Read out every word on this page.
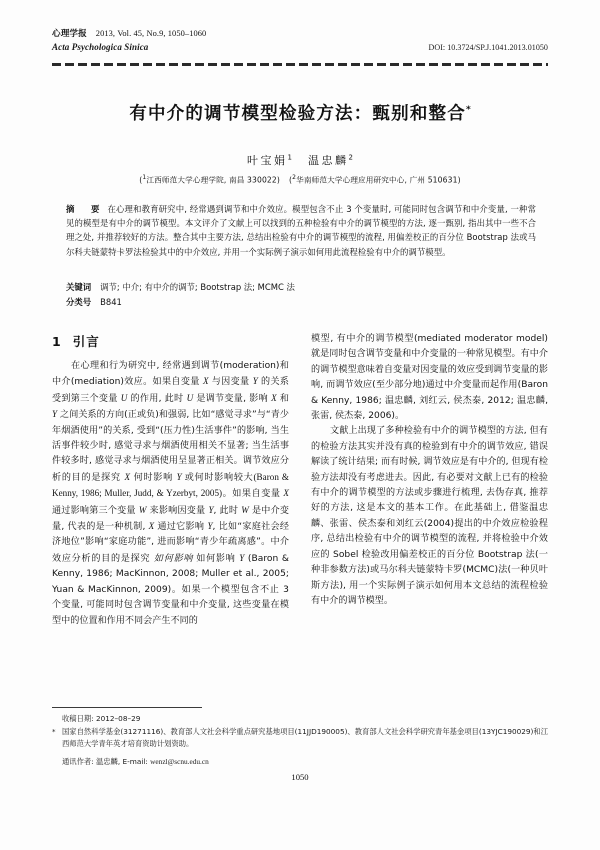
心理学报 2013, Vol. 45, No.9, 1050–1060
Acta Psychologica Sinica	DOI: 10.3724/SP.J.1041.2013.01050
有中介的调节模型检验方法：甄别和整合*
叶宝娟$^1$ 温忠麟$^2$
($^1$江西师范大学心理学院, 南昌 330022) ($^2$华南师范大学心理应用研究中心, 广州 510631)
摘　要 在心理和教育研究中, 经常遇到调节和中介效应。模型包含不止 3 个变量时, 可能同时包含调节和中介变量, 一种常见的模型是有中介的调节模型。本文评介了文献上可以找到的五种检验有中介的调节模型的方法, 逐一甄别, 指出其中一些不合理之处, 并推荐较好的方法。整合其中主要方法, 总结出检验有中介的调节模型的流程, 用偏差校正的百分位 Bootstrap 法或马尔科夫链蒙特卡罗法检验其中的中介效应, 并用一个实际例子演示如何用此流程检验有中介的调节模型。
关键词 调节; 中介; 有中介的调节; Bootstrap 法; MCMC 法
分类号 B841
1 引言

在心理和行为研究中, 经常遇到调节(moderation)和中介(mediation)效应。如果自变量 X 与因变量 Y 的关系受到第三个变量 U 的作用, 此时 U 是调节变量, 影响 X 和 Y 之间关系的方向(正或负)和强弱, 比如“感觉寻求”与“青少年烟酒使用”的关系, 受到“(压力性)生活事件”的影响, 当生活事件较少时, 感觉寻求与烟酒使用相关不显著; 当生活事件较多时, 感觉寻求与烟酒使用呈显著正相关。调节效应分析的目的是探究 X 何时影响 Y 或何时影响较大(Baron & Kenny, 1986; Muller, Judd, & Yzerbyt, 2005)。如果自变量 X 通过影响第三个变量 W 来影响因变量 Y, 此时 W 是中介变量, 代表的是一种机制, X 通过它影响 Y, 比如“家庭社会经济地位”影响“家庭功能”, 进而影响“青少年疏离感”。中介效应分析的目的是探究 如何影响 如何影响 Y (Baron & Kenny, 1986; MacKinnon, 2008; Muller et al., 2005; Yuan & MacKinnon, 2009)。如果一个模型包含不止 3 个变量, 可能同时包含调节变量和中介变量, 这些变量在模型中的位置和作用不同会产生不同的

模型, 有中介的调节模型(mediated moderator model)就是同时包含调节变量和中介变量的一种常见模型。有中介的调节模型意味着自变量对因变量的效应受到调节变量的影响, 而调节效应(至少部分地)通过中介变量而起作用(Baron & Kenny, 1986; 温忠麟, 刘红云, 侯杰泰, 2012; 温忠麟, 张雷, 侯杰泰, 2006)。

文献上出现了多种检验有中介的调节模型的方法, 但有的检验方法其实并没有真的检验到有中介的调节效应, 错误解读了统计结果; 而有时候, 调节效应是有中介的, 但现有检验方法却没有考虑进去。因此, 有必要对文献上已有的检验有中介的调节模型的方法或步骤进行梳理, 去伪存真, 推荐好的方法, 这是本文的基本工作。在此基础上, 借鉴温忠麟、张雷、侯杰泰和刘红云(2004)提出的中介效应检验程序, 总结出检验有中介的调节模型的流程, 并将检验中介效应的 Sobel 检验改用偏差校正的百分位 Bootstrap 法(一种非参数方法)或马尔科夫链蒙特卡罗(MCMC)法(一种贝叶斯方法), 用一个实际例子演示如何用本文总结的流程检验有中介的调节模型。

收稿日期: 2012–08–29
* 国家自然科学基金(31271116)、教育部人文社会科学重点研究基地项目(11JJD190005)、教育部人文社会科学研究青年基金项目(13YJC190029)和江西师范大学青年英才培育资助计划资助。
通讯作者: 温忠麟, E-mail: wenzl@scnu.edu.cn
1050
